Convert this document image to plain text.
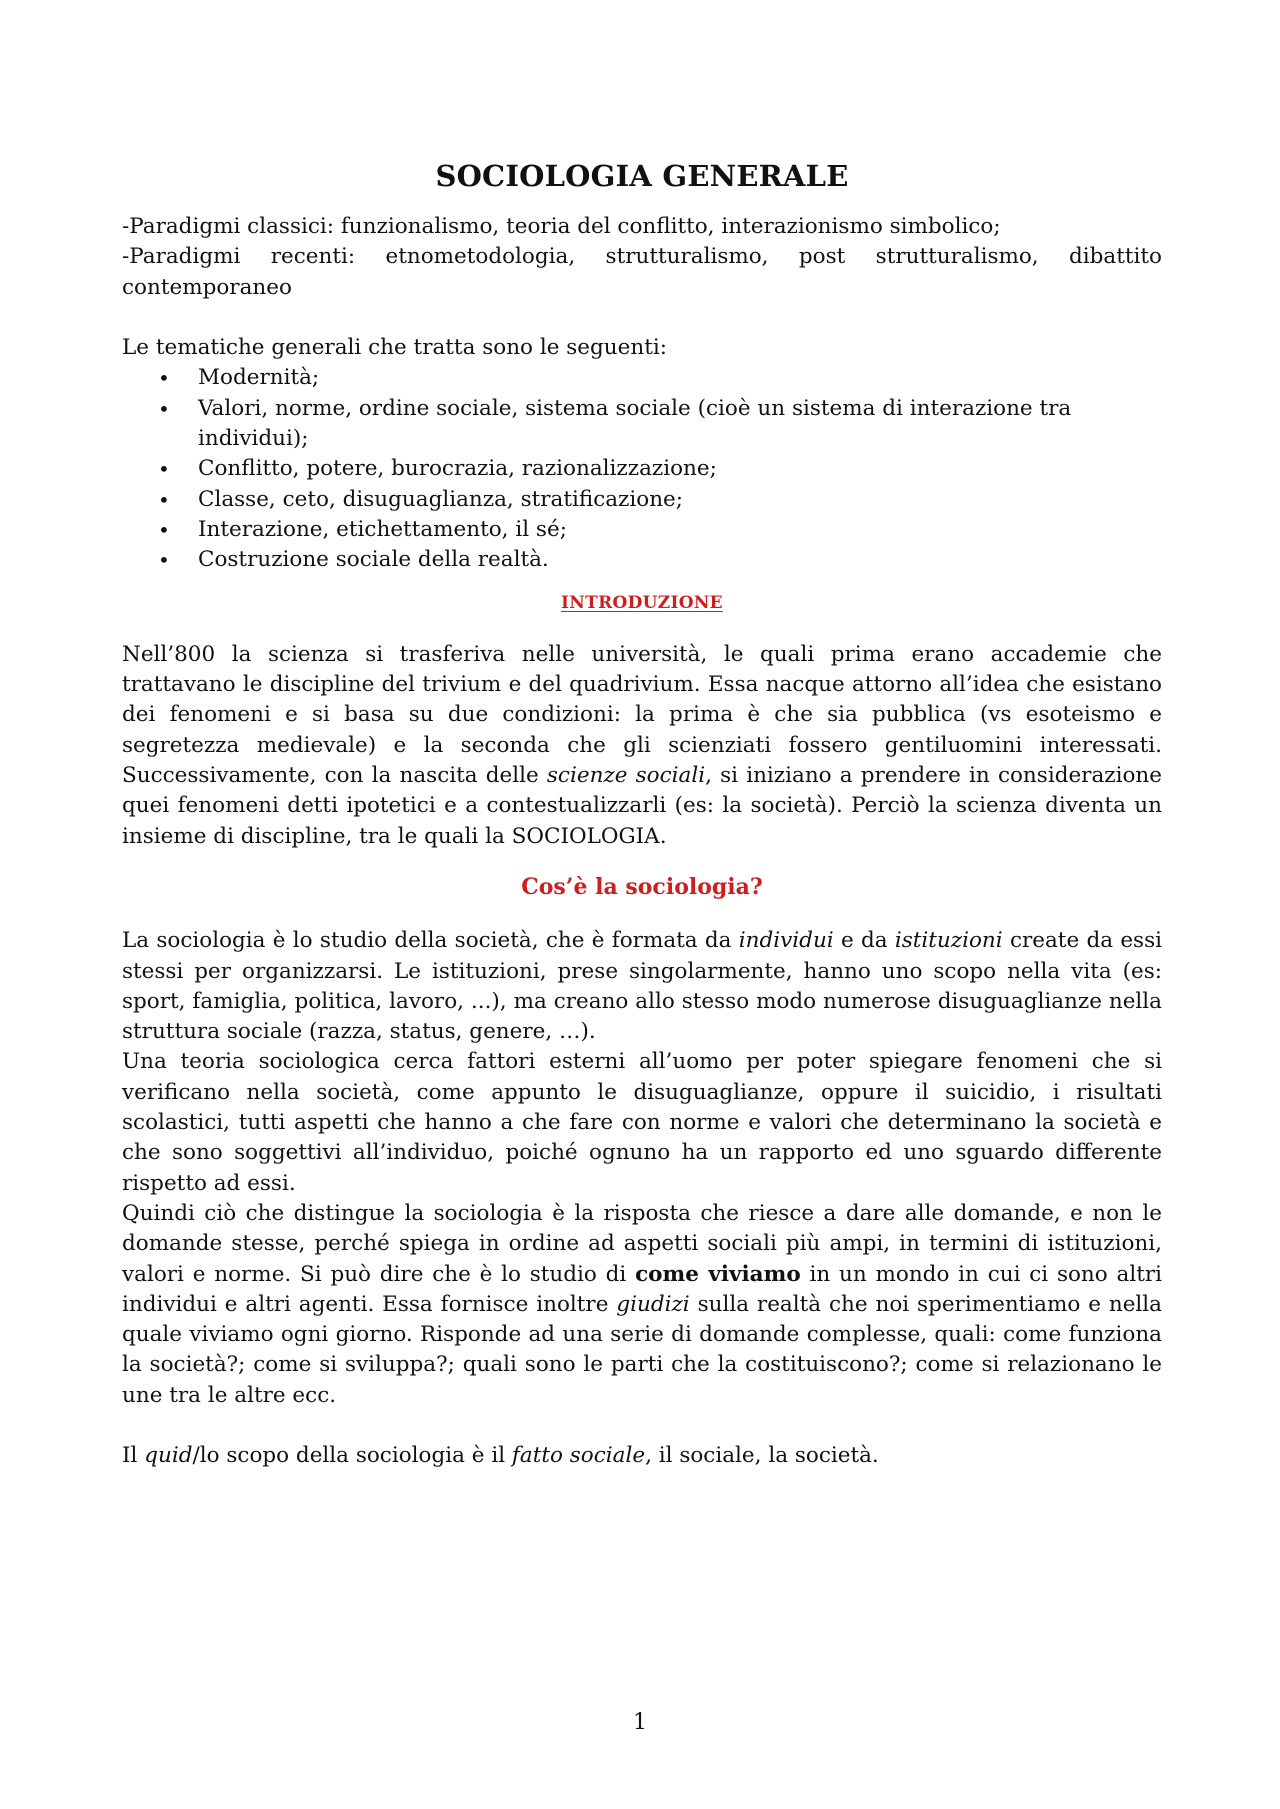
SOCIOLOGIA GENERALE

-Paradigmi classici: funzionalismo, teoria del conflitto, interazionismo simbolico;

-Paradigmi recenti: etnometodologia, strutturalismo, post strutturalismo, dibattito contemporaneo

Le tematiche generali che tratta sono le seguenti:

• Modernità;
• Valori, norme, ordine sociale, sistema sociale (cioè un sistema di interazione tra individui);
• Conflitto, potere, burocrazia, razionalizzazione;
• Classe, ceto, disuguaglianza, stratificazione;
• Interazione, etichettamento, il sé;
• Costruzione sociale della realtà.
INTRODUZIONE

Nell’800 la scienza si trasferiva nelle università, le quali prima erano accademie che trattavano le discipline del trivium e del quadrivium. Essa nacque attorno all’idea che esistano dei fenomeni e si basa su due condizioni: la prima è che sia pubblica (vs esoteismo e segretezza medievale) e la seconda che gli scienziati fossero gentiluomini interessati. Successivamente, con la nascita delle scienze sociali, si iniziano a prendere in considerazione quei fenomeni detti ipotetici e a contestualizzarli (es: la società). Perciò la scienza diventa un insieme di discipline, tra le quali la SOCIOLOGIA.

Cos’è la sociologia?

La sociologia è lo studio della società, che è formata da individui e da istituzioni create da essi stessi per organizzarsi. Le istituzioni, prese singolarmente, hanno uno scopo nella vita (es: sport, famiglia, politica, lavoro, ...), ma creano allo stesso modo numerose disuguaglianze nella struttura sociale (razza, status, genere, …).

Una teoria sociologica cerca fattori esterni all’uomo per poter spiegare fenomeni che si verificano nella società, come appunto le disuguaglianze, oppure il suicidio, i risultati scolastici, tutti aspetti che hanno a che fare con norme e valori che determinano la società e che sono soggettivi all’individuo, poiché ognuno ha un rapporto ed uno sguardo differente rispetto ad essi.

Quindi ciò che distingue la sociologia è la risposta che riesce a dare alle domande, e non le domande stesse, perché spiega in ordine ad aspetti sociali più ampi, in termini di istituzioni, valori e norme. Si può dire che è lo studio di come viviamo in un mondo in cui ci sono altri individui e altri agenti. Essa fornisce inoltre giudizi sulla realtà che noi sperimentiamo e nella quale viviamo ogni giorno. Risponde ad una serie di domande complesse, quali: come funziona la società?; come si sviluppa?; quali sono le parti che la costituiscono?; come si relazionano le une tra le altre ecc.

Il quid/lo scopo della sociologia è il fatto sociale, il sociale, la società.

1
